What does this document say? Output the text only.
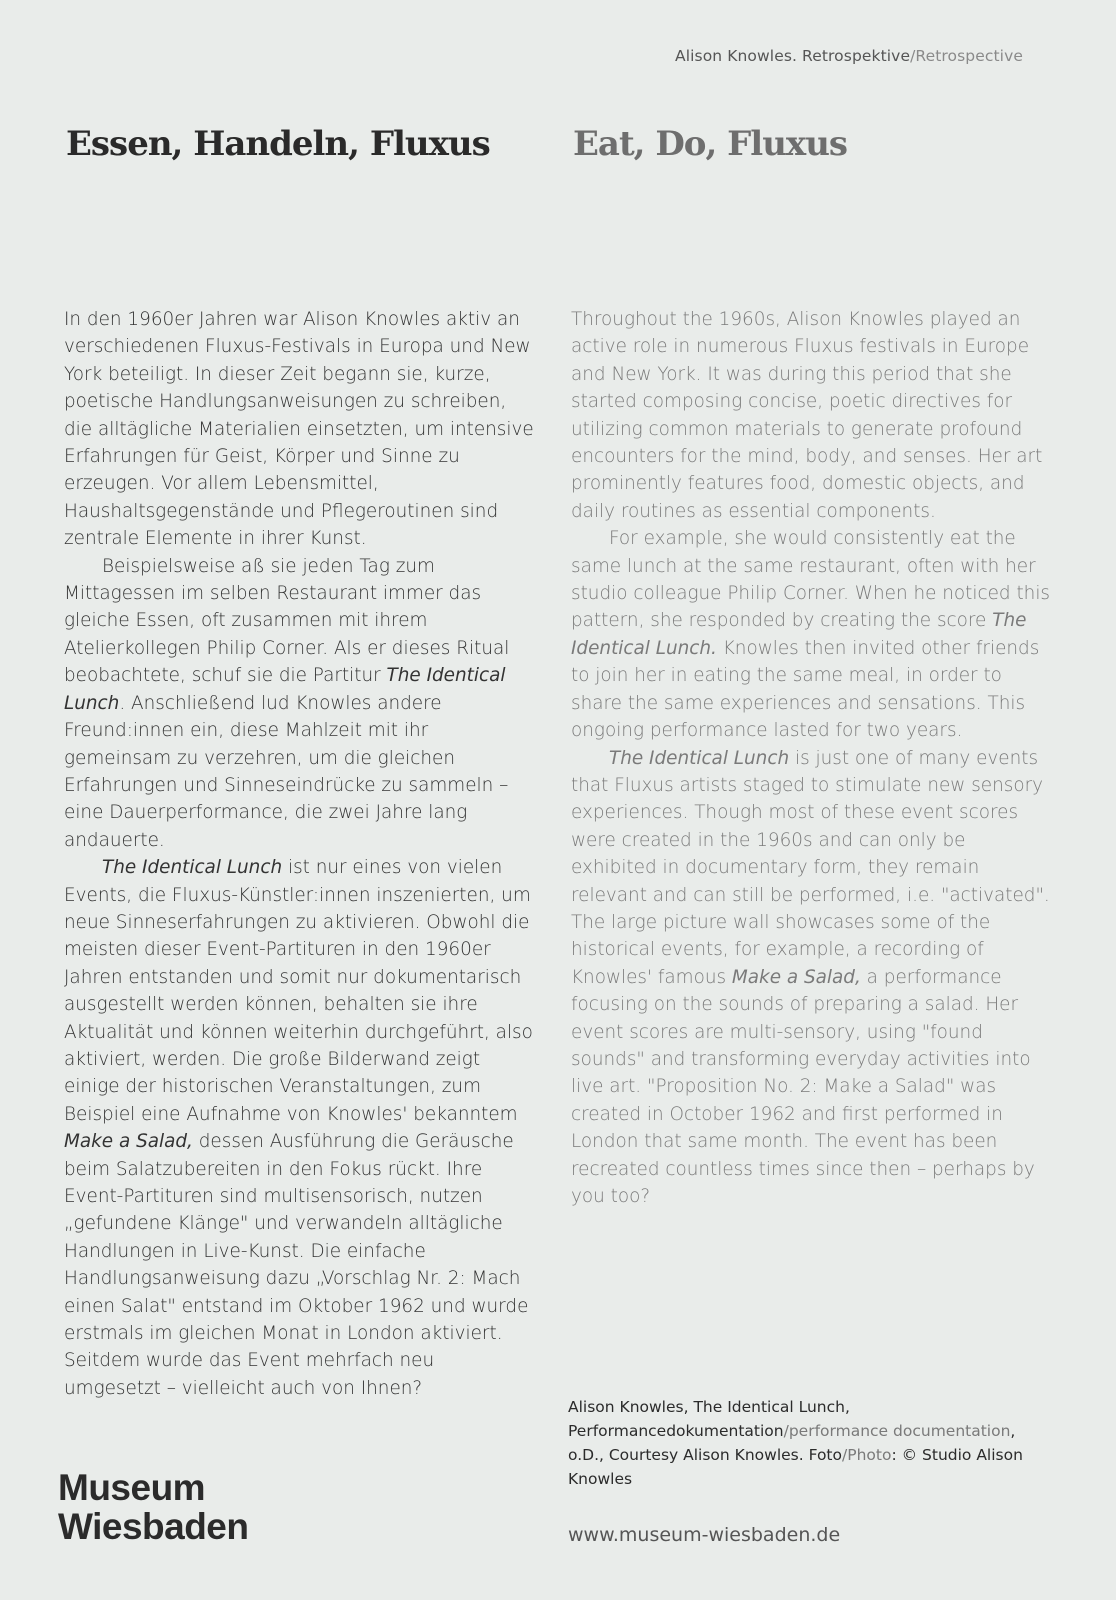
Alison Knowles. Retrospektive/Retrospective
Essen, Handeln, Fluxus Eat, Do, Fluxus

In den 1960er Jahren war Alison Knowles aktiv an verschiedenen Fluxus-Festivals in Europa und New York beteiligt. In dieser Zeit begann sie, kurze, poetische Handlungsanweisungen zu schreiben, die alltägliche Materialien einsetzten, um intensive Erfahrungen für Geist, Körper und Sinne zu erzeugen. Vor allem Lebensmittel, Haushaltsgegenstände und Pflegeroutinen sind zentrale Elemente in ihrer Kunst.

Beispielsweise aß sie jeden Tag zum Mittagessen im selben Restaurant immer das gleiche Essen, oft zusammen mit ihrem Atelierkollegen Philip Corner. Als er dieses Ritual beobachtete, schuf sie die Partitur The Identical Lunch. Anschließend lud Knowles andere Freund:innen ein, diese Mahlzeit mit ihr gemeinsam zu verzehren, um die gleichen Erfahrungen und Sinneseindrücke zu sammeln – eine Dauerperformance, die zwei Jahre lang andauerte.

The Identical Lunch ist nur eines von vielen Events, die Fluxus-Künstler:innen inszenierten, um neue Sinneserfahrungen zu aktivieren. Obwohl die meisten dieser Event-Partituren in den 1960er Jahren entstanden und somit nur dokumentarisch ausgestellt werden können, behalten sie ihre Aktualität und können weiterhin durchgeführt, also aktiviert, werden. Die große Bilderwand zeigt einige der historischen Veranstaltungen, zum Beispiel eine Aufnahme von Knowles' bekanntem Make a Salad, dessen Ausführung die Geräusche beim Salatzubereiten in den Fokus rückt. Ihre Event-Partituren sind multisensorisch, nutzen „gefundene Klänge" und verwandeln alltägliche Handlungen in Live-Kunst. Die einfache Handlungsanweisung dazu „Vorschlag Nr. 2: Mach einen Salat" entstand im Oktober 1962 und wurde erstmals im gleichen Monat in London aktiviert. Seitdem wurde das Event mehrfach neu umgesetzt – vielleicht auch von Ihnen?

Throughout the 1960s, Alison Knowles played an active role in numerous Fluxus festivals in Europe and New York. It was during this period that she started composing concise, poetic directives for utilizing common materials to generate profound encounters for the mind, body, and senses. Her art prominently features food, domestic objects, and daily routines as essential components.

For example, she would consistently eat the same lunch at the same restaurant, often with her studio colleague Philip Corner. When he noticed this pattern, she responded by creating the score The Identical Lunch. Knowles then invited other friends to join her in eating the same meal, in order to share the same experiences and sensations. This ongoing performance lasted for two years.

The Identical Lunch is just one of many events that Fluxus artists staged to stimulate new sensory experiences. Though most of these event scores were created in the 1960s and can only be exhibited in documentary form, they remain relevant and can still be performed, i.e. "activated". The large picture wall showcases some of the historical events, for example, a recording of Knowles' famous Make a Salad, a performance focusing on the sounds of preparing a salad. Her event scores are multi-sensory, using "found sounds" and transforming everyday activities into live art. "Proposition No. 2: Make a Salad" was created in October 1962 and first performed in London that same month. The event has been recreated countless times since then – perhaps by you too?

Alison Knowles, The Identical Lunch, Performancedokumentation/performance documentation, o.D., Courtesy Alison Knowles. Foto/Photo: © Studio Alison Knowles
Museum
Wiesbaden	www.museum-wiesbaden.de
